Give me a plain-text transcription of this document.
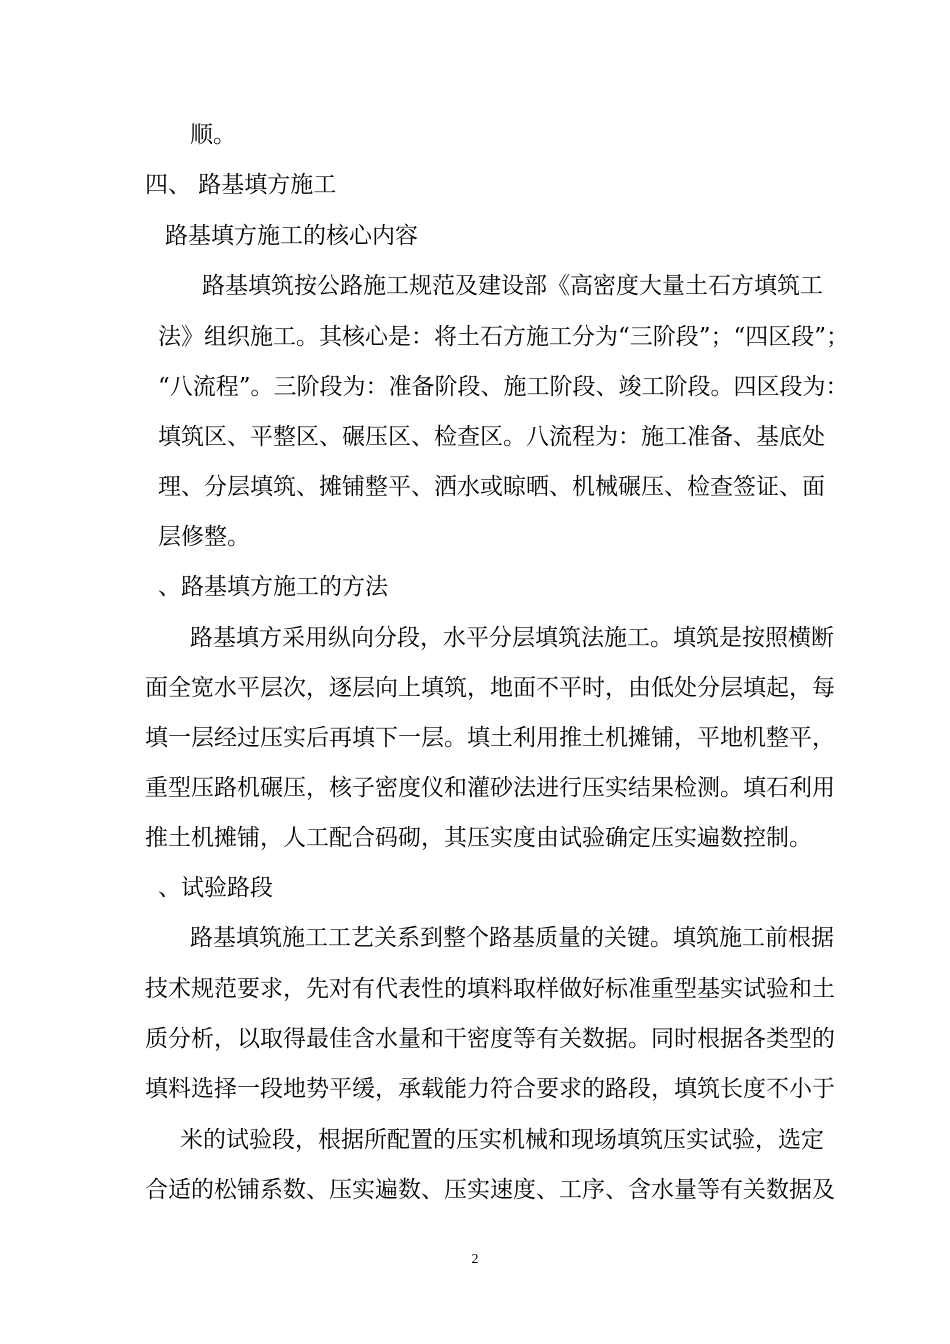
顺。

四、 路基填方施工

路基填方施工的核心内容

路基填筑按公路施工规范及建设部《高密度大量土石方填筑工

法》组织施工。其核心是：将土石方施工分为“三阶段”；“四区段”；

“八流程”。三阶段为：准备阶段、施工阶段、竣工阶段。四区段为：

填筑区、平整区、碾压区、检查区。八流程为：施工准备、基底处

理、分层填筑、摊铺整平、洒水或晾晒、机械碾压、检查签证、面

层修整。

、路基填方施工的方法

路基填方采用纵向分段，水平分层填筑法施工。填筑是按照横断

面全宽水平层次，逐层向上填筑，地面不平时，由低处分层填起，每

填一层经过压实后再填下一层。填土利用推土机摊铺，平地机整平，

重型压路机碾压，核子密度仪和灌砂法进行压实结果检测。填石利用

推土机摊铺，人工配合码砌，其压实度由试验确定压实遍数控制。

、试验路段

路基填筑施工工艺关系到整个路基质量的关键。填筑施工前根据

技术规范要求，先对有代表性的填料取样做好标准重型基实试验和土

质分析，以取得最佳含水量和干密度等有关数据。同时根据各类型的

填料选择一段地势平缓，承载能力符合要求的路段，填筑长度不小于

米的试验段，根据所配置的压实机械和现场填筑压实试验，选定

合适的松铺系数、压实遍数、压实速度、工序、含水量等有关数据及

2
